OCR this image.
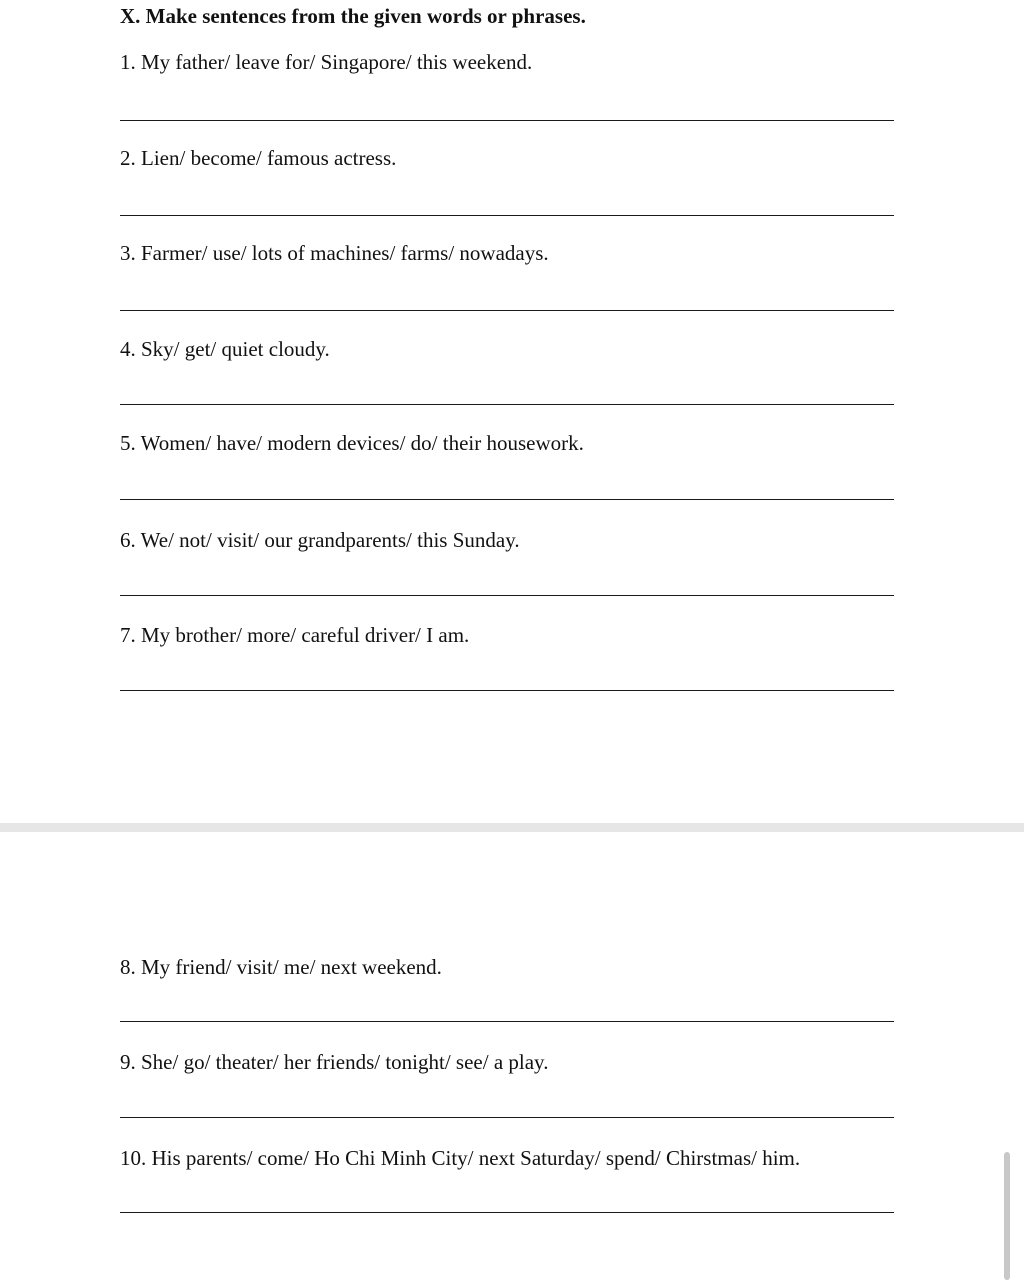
X. Make sentences from the given words or phrases.
1. My father/ leave for/ Singapore/ this weekend.
2. Lien/ become/ famous actress.
3. Farmer/ use/ lots of machines/ farms/ nowadays.
4. Sky/ get/ quiet cloudy.
5. Women/ have/ modern devices/ do/ their housework.
6. We/ not/ visit/ our grandparents/ this Sunday.
7. My brother/ more/ careful driver/ I am.
8. My friend/ visit/ me/ next weekend.
9. She/ go/ theater/ her friends/ tonight/ see/ a play.
10. His parents/ come/ Ho Chi Minh City/ next Saturday/ spend/ Chirstmas/ him.
